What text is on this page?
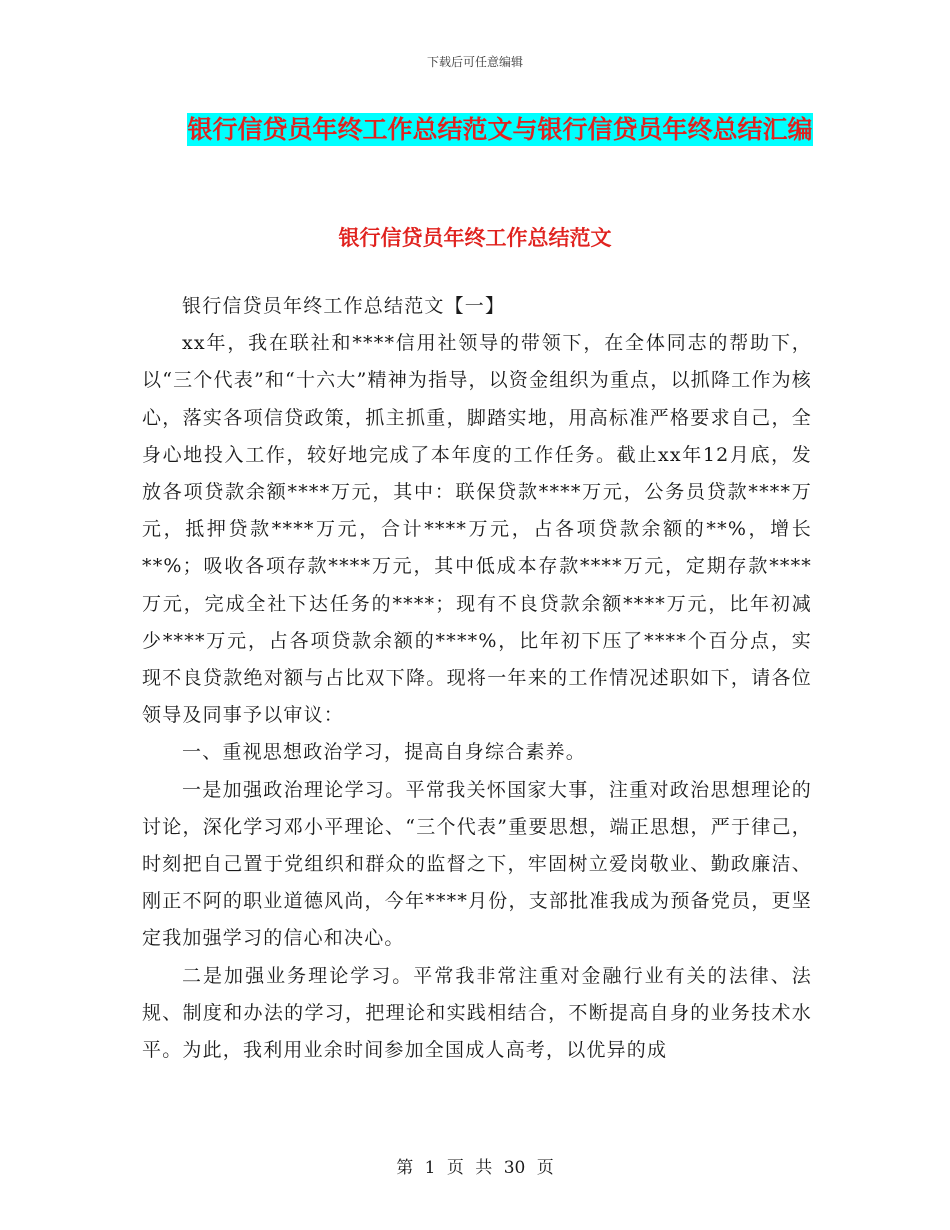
下载后可任意编辑
银行信贷员年终工作总结范文与银行信贷员年终总结汇编
银行信贷员年终工作总结范文

银行信贷员年终工作总结范文【一】

xx年，我在联社和****信用社领导的带领下，在全体同志的帮助下，以“三个代表”和“十六大”精神为指导，以资金组织为重点，以抓降工作为核心，落实各项信贷政策，抓主抓重，脚踏实地，用高标准严格要求自己，全身心地投入工作，较好地完成了本年度的工作任务。截止xx年12月底，发放各项贷款余额****万元，其中：联保贷款****万元，公务员贷款****万元，抵押贷款****万元，合计****万元，占各项贷款余额的**%，增长**%；吸收各项存款****万元，其中低成本存款****万元，定期存款****万元，完成全社下达任务的****；现有不良贷款余额****万元，比年初减少****万元，占各项贷款余额的****%，比年初下压了****个百分点，实现不良贷款绝对额与占比双下降。现将一年来的工作情况述职如下，请各位领导及同事予以审议：

一、重视思想政治学习，提高自身综合素养。

一是加强政治理论学习。平常我关怀国家大事，注重对政治思想理论的讨论，深化学习邓小平理论、“三个代表”重要思想，端正思想，严于律己，时刻把自己置于党组织和群众的监督之下，牢固树立爱岗敬业、勤政廉洁、刚正不阿的职业道德风尚，今年****月份，支部批准我成为预备党员，更坚定我加强学习的信心和决心。

二是加强业务理论学习。平常我非常注重对金融行业有关的法律、法规、制度和办法的学习，把理论和实践相结合，不断提高自身的业务技术水平。为此，我利用业余时间参加全国成人高考，以优异的成

第 1 页 共 30 页
